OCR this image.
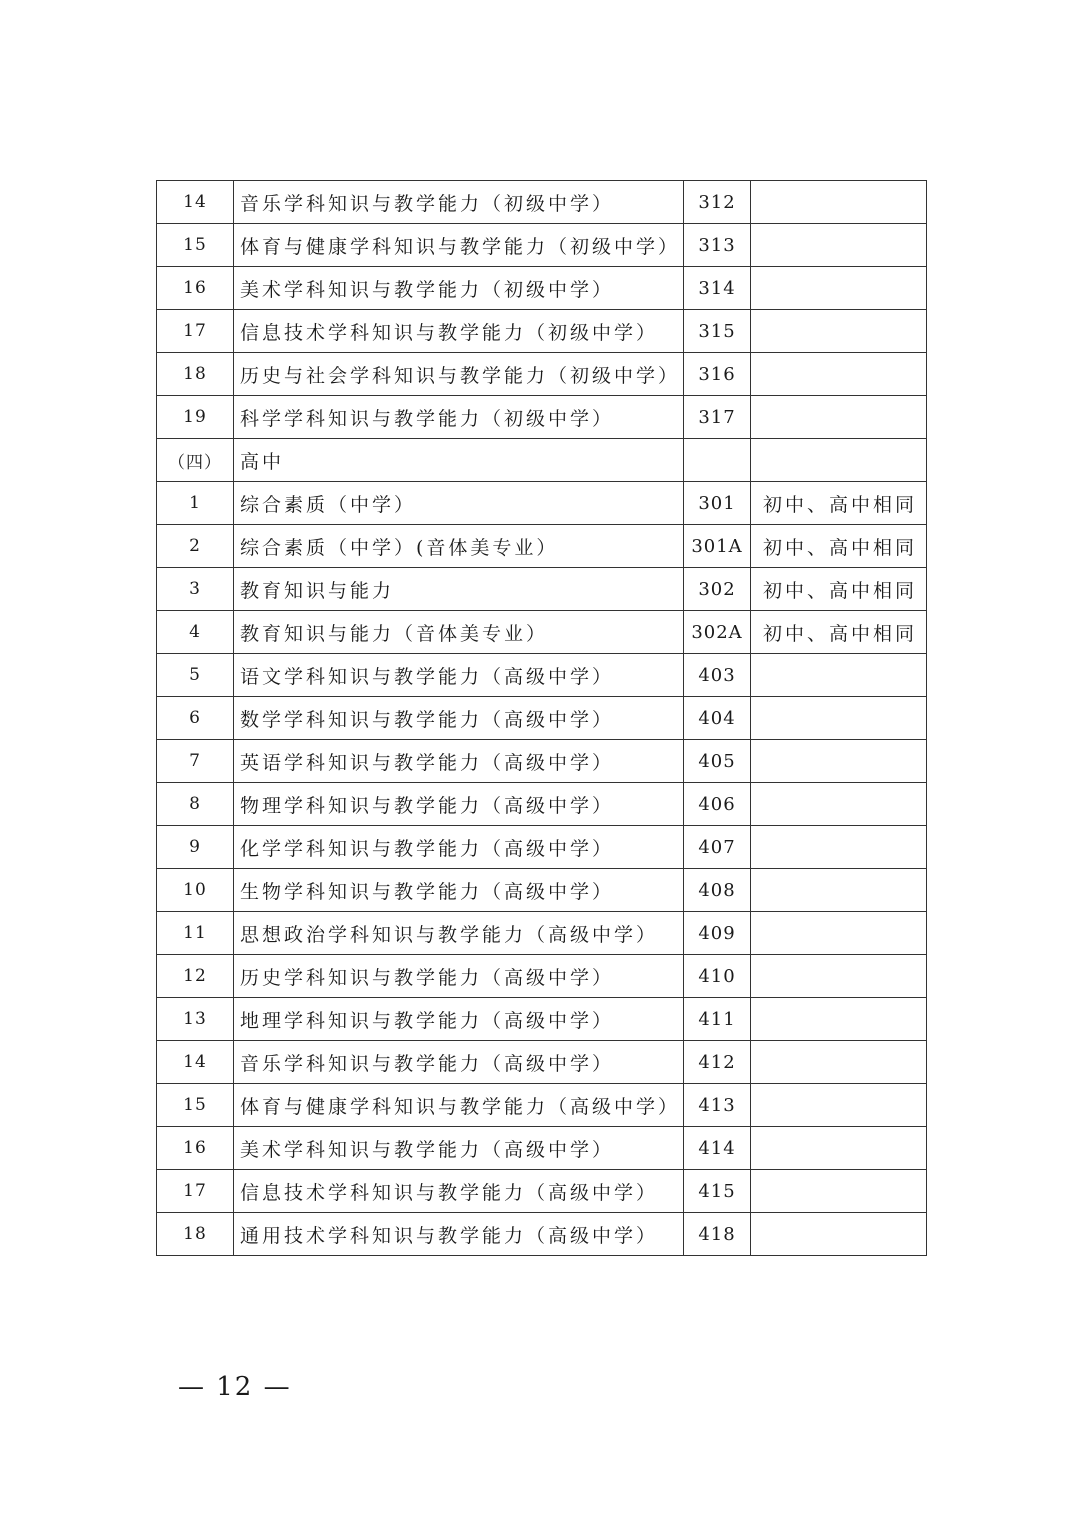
14	音乐学科知识与教学能力（初级中学）	312	
15	体育与健康学科知识与教学能力（初级中学）	313	
16	美术学科知识与教学能力（初级中学）	314	
17	信息技术学科知识与教学能力（初级中学）	315	
18	历史与社会学科知识与教学能力（初级中学）	316	
19	科学学科知识与教学能力（初级中学）	317	
（四）	高中		
1	综合素质（中学）	301	初中、高中相同
2	综合素质（中学）(音体美专业）	301A	初中、高中相同
3	教育知识与能力	302	初中、高中相同
4	教育知识与能力（音体美专业）	302A	初中、高中相同
5	语文学科知识与教学能力（高级中学）	403	
6	数学学科知识与教学能力（高级中学）	404	
7	英语学科知识与教学能力（高级中学）	405	
8	物理学科知识与教学能力（高级中学）	406	
9	化学学科知识与教学能力（高级中学）	407	
10	生物学科知识与教学能力（高级中学）	408	
11	思想政治学科知识与教学能力（高级中学）	409	
12	历史学科知识与教学能力（高级中学）	410	
13	地理学科知识与教学能力（高级中学）	411	
14	音乐学科知识与教学能力（高级中学）	412	
15	体育与健康学科知识与教学能力（高级中学）	413	
16	美术学科知识与教学能力（高级中学）	414	
17	信息技术学科知识与教学能力（高级中学）	415	
18	通用技术学科知识与教学能力（高级中学）	418	
— 12 —
